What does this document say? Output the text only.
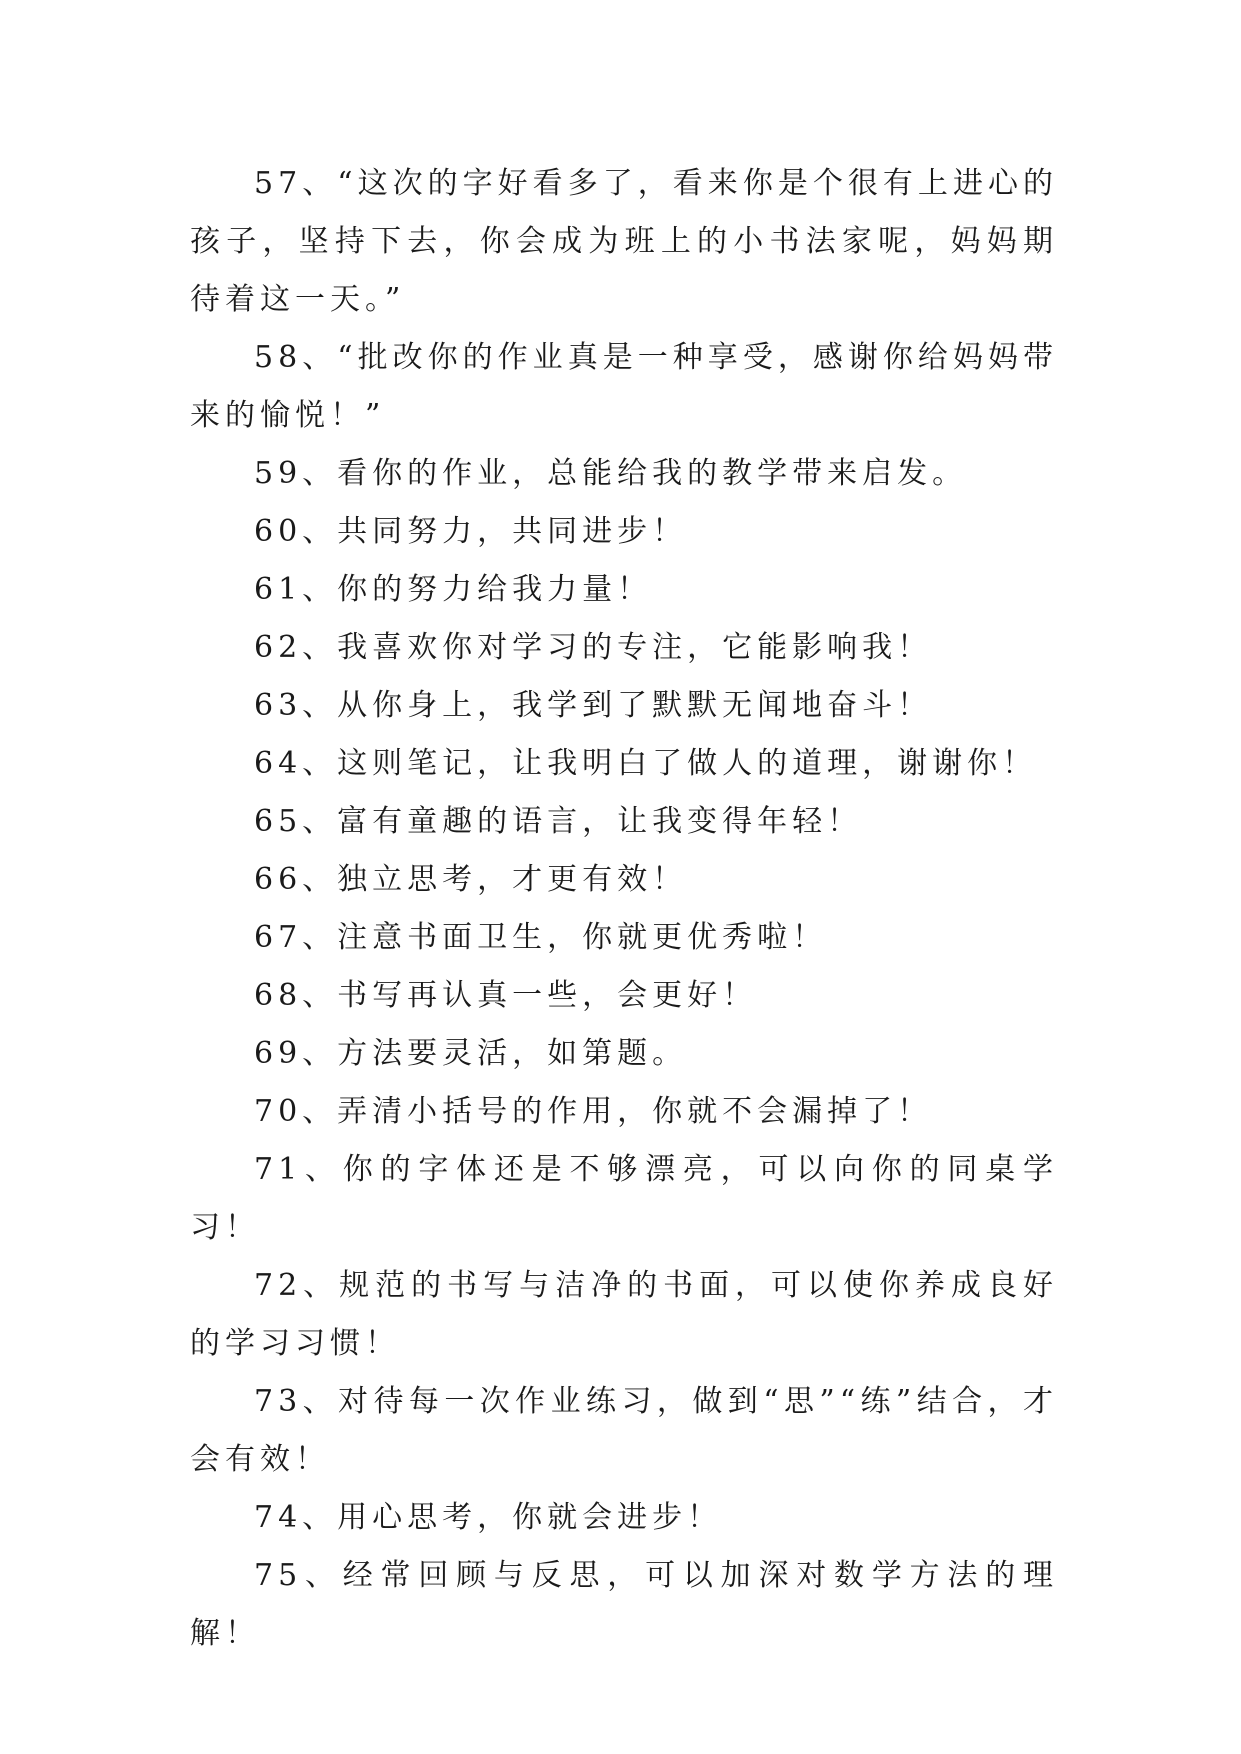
57、“这次的字好看多了，看来你是个很有上进心的孩子，坚持下去，你会成为班上的小书法家呢，妈妈期待着这一天。”

58、“批改你的作业真是一种享受，感谢你给妈妈带来的愉悦！”

59、看你的作业，总能给我的教学带来启发。

60、共同努力，共同进步！

61、你的努力给我力量！

62、我喜欢你对学习的专注，它能影响我！

63、从你身上，我学到了默默无闻地奋斗！

64、这则笔记，让我明白了做人的道理，谢谢你！

65、富有童趣的语言，让我变得年轻！

66、独立思考，才更有效！

67、注意书面卫生，你就更优秀啦！

68、书写再认真一些，会更好！

69、方法要灵活，如第题。

70、弄清小括号的作用，你就不会漏掉了！

71、你的字体还是不够漂亮，可以向你的同桌学习！

72、规范的书写与洁净的书面，可以使你养成良好的学习习惯！

73、对待每一次作业练习，做到“思”“练”结合，才会有效！

74、用心思考，你就会进步！

75、经常回顾与反思，可以加深对数学方法的理解！
